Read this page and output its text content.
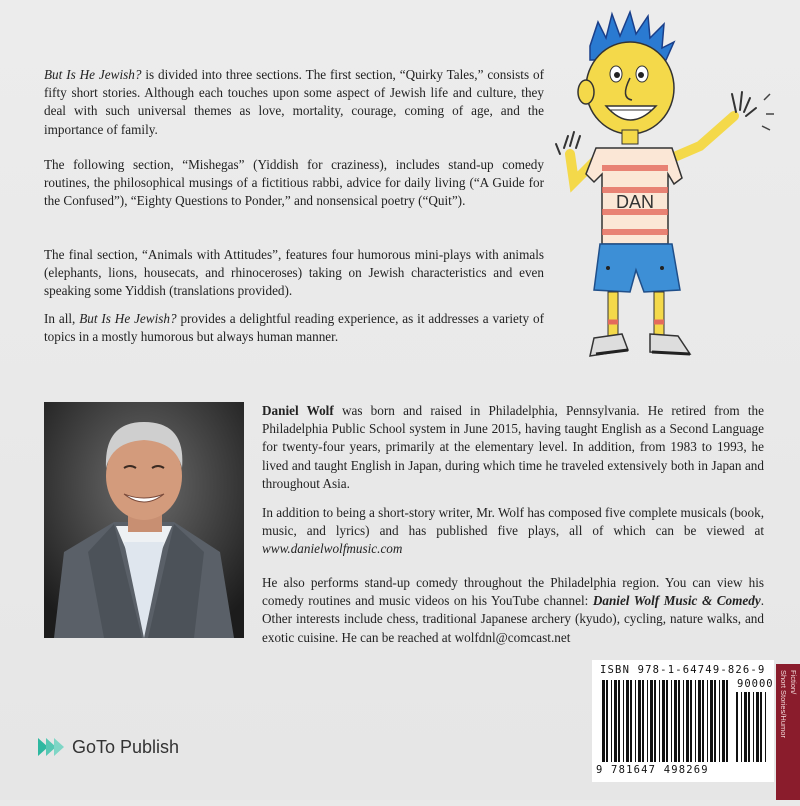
But Is He Jewish? is divided into three sections. The first section, “Quirky Tales,” consists of fifty short stories. Although each touches upon some aspect of Jewish life and culture, they deal with such universal themes as love, mortality, courage, coming of age, and the importance of family.

The following section, “Mishegas” (Yiddish for craziness), includes stand-up comedy routines, the philosophical musings of a fictitious rabbi, advice for daily living (“A Guide for the Confused”), “Eighty Questions to Ponder,” and nonsensical poetry (“Quit”).

The final section, “Animals with Attitudes”, features four humorous mini-plays with animals (elephants, lions, housecats, and rhinoceroses) taking on Jewish characteristics and even speaking some Yiddish (translations provided).

In all, But Is He Jewish? provides a delightful reading experience, as it addresses a variety of topics in a mostly humorous but always human manner.

DAN

Daniel Wolf was born and raised in Philadelphia, Pennsylvania. He retired from the Philadelphia Public School system in June 2015, having taught English as a Second Language for twenty-four years, primarily at the elementary level. In addition, from 1983 to 1993, he lived and taught English in Japan, during which time he traveled extensively both in Japan and throughout Asia.

In addition to being a short-story writer, Mr. Wolf has composed five complete musicals (book, music, and lyrics) and has published five plays, all of which can be viewed at www.danielwolfmusic.com

He also performs stand-up comedy throughout the Philadelphia region. You can view his comedy routines and music videos on his YouTube channel: Daniel Wolf Music & Comedy. Other interests include chess, traditional Japanese archery (kyudo), cycling, nature walks, and exotic cuisine. He can be reached at wolfdnl@comcast.net

GoTo Publish
ISBN 978-1-64749-826-9
90000
9 781647 498269
Fiction/
Short Stories/Humor
